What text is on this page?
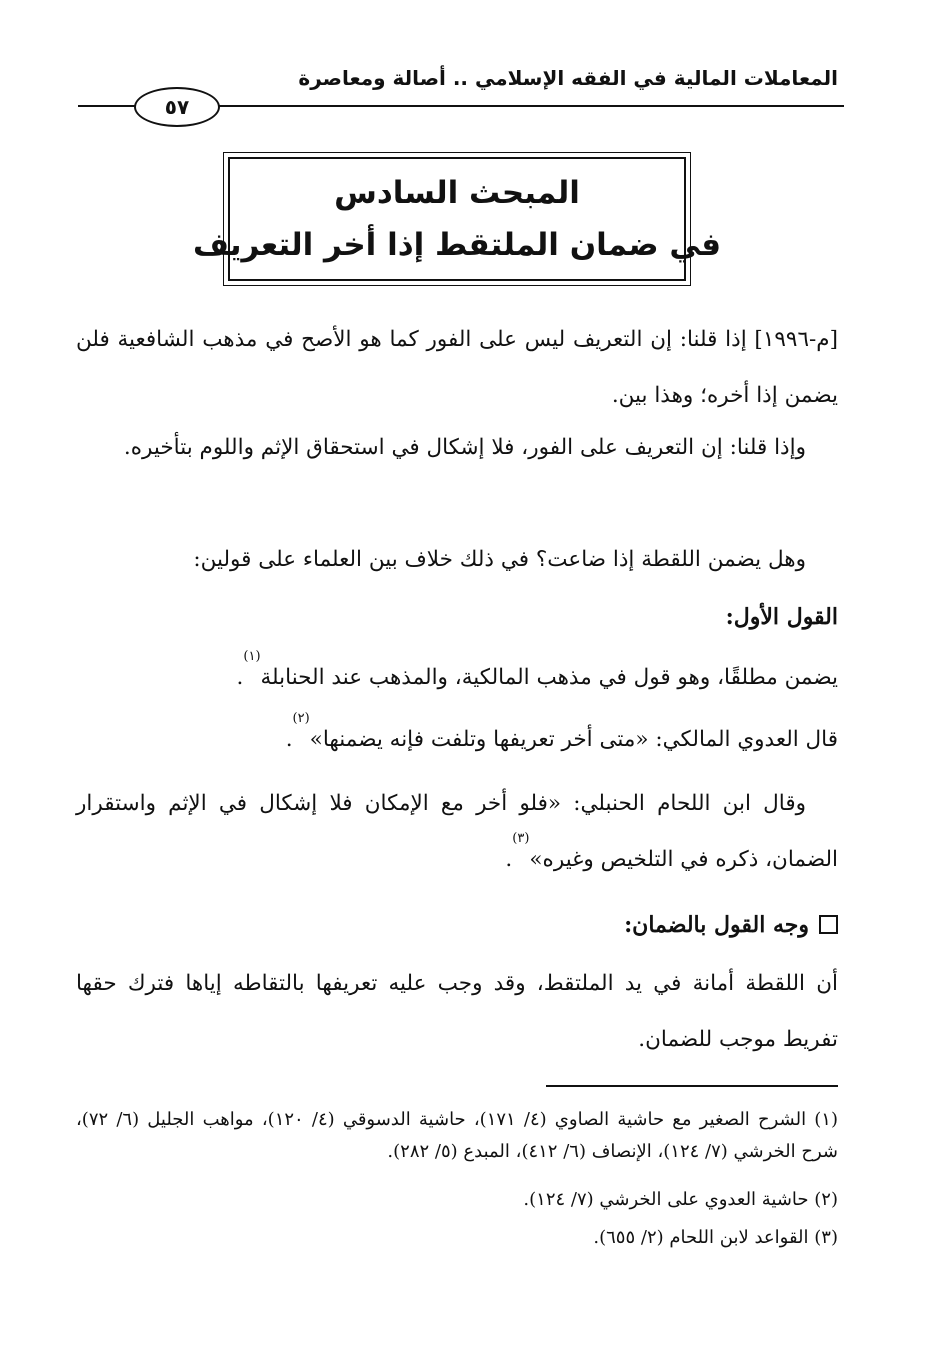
المعاملات المالية في الفقه الإسلامي .. أصالة ومعاصرة
٥٧
المبحث السادس
في ضمان الملتقط إذا أخر التعريف
[م-١٩٩٦] إذا قلنا: إن التعريف ليس على الفور كما هو الأصح في مذهب الشافعية فلن يضمن إذا أخره؛ وهذا بين.
وإذا قلنا: إن التعريف على الفور، فلا إشكال في استحقاق الإثم واللوم بتأخيره.
وهل يضمن اللقطة إذا ضاعت؟ في ذلك خلاف بين العلماء على قولين:
القول الأول:
يضمن مطلقًا، وهو قول في مذهب المالكية، والمذهب عند الحنابلة$^{(١)}$.
قال العدوي المالكي: «متى أخر تعريفها وتلفت فإنه يضمنها»$^{(٢)}$.
وقال ابن اللحام الحنبلي: «فلو أخر مع الإمكان فلا إشكال في الإثم واستقرار الضمان، ذكره في التلخيص وغيره»$^{(٣)}$.
وجه القول بالضمان:
أن اللقطة أمانة في يد الملتقط، وقد وجب عليه تعريفها بالتقاطه إياها فترك حقها تفريط موجب للضمان.
(١) الشرح الصغير مع حاشية الصاوي (٤/ ١٧١)، حاشية الدسوقي (٤/ ١٢٠)، مواهب الجليل (٦/ ٧٢)، شرح الخرشي (٧/ ١٢٤)، الإنصاف (٦/ ٤١٢)، المبدع (٥/ ٢٨٢).
(٢) حاشية العدوي على الخرشي (٧/ ١٢٤).
(٣) القواعد لابن اللحام (٢/ ٦٥٥).
